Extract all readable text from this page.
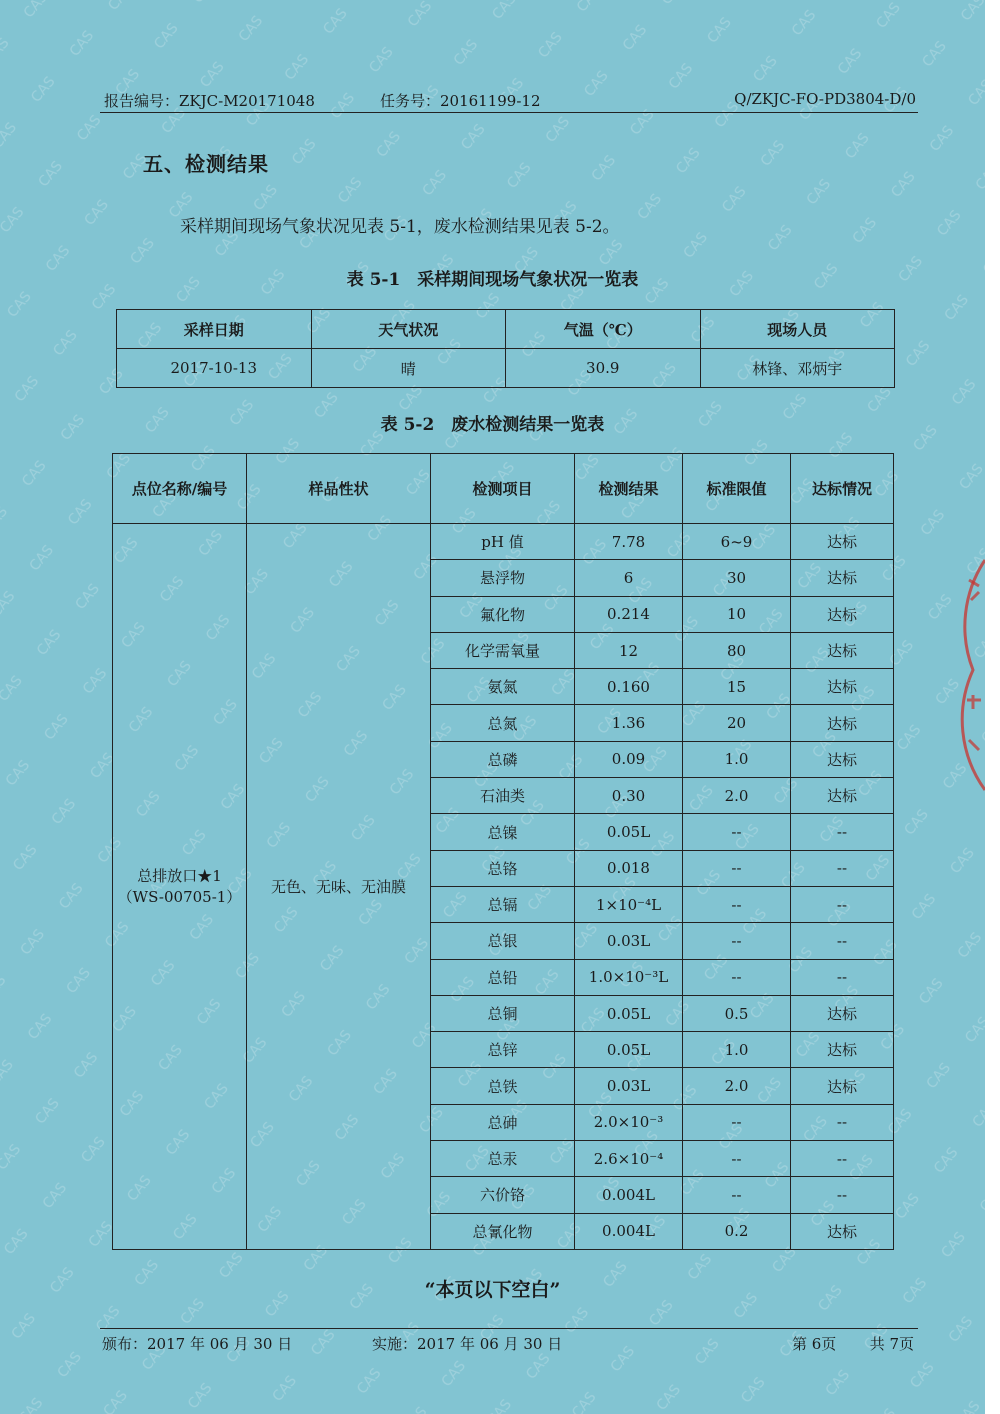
报告编号：ZKJC-M20171048	任务号：20161199-12	Q/ZKJC-FO-PD3804-D/0
五、检测结果
采样期间现场气象状况见表 5-1，废水检测结果见表 5-2。
表 5-1　采样期间现场气象状况一览表
采样日期	天气状况	气温（℃）	现场人员
2017-10-13	晴	30.9	林锋、邓炳宇
表 5-2　废水检测结果一览表
点位名称/编号	样品性状	检测项目	检测结果	标准限值	达标情况

总排放口★1
（WS-00705-1）	无色、无味、无油膜	pH 值	7.78	6~9	达标
		悬浮物	6	30	达标
		氟化物	0.214	10	达标
		化学需氧量	12	80	达标
		氨氮	0.160	15	达标
		总氮	1.36	20	达标
		总磷	0.09	1.0	达标
		石油类	0.30	2.0	达标
		总镍	0.05L	--	--
		总铬	0.018	--	--
		总镉	1×10⁻⁴L	--	--
		总银	0.03L	--	--
		总铅	1.0×10⁻³L	--	--
		总铜	0.05L	0.5	达标
		总锌	0.05L	1.0	达标
		总铁	0.03L	2.0	达标
		总砷	2.0×10⁻³	--	--
		总汞	2.6×10⁻⁴	--	--
		六价铬	0.004L	--	--
		总氰化物	0.004L	0.2	达标
“本页以下空白”
颁布：2017 年 06 月 30 日	实施：2017 年 06 月 30 日	第 6页 共 7页
